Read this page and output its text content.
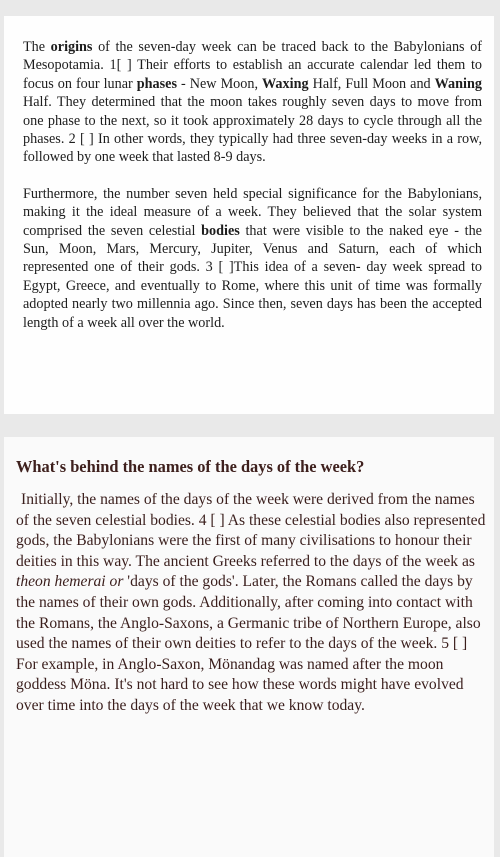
The origins of the seven-day week can be traced back to the Babylonians of Mesopotamia. 1[ ] Their efforts to establish an accurate calendar led them to focus on four lunar phases - New Moon, Waxing Half, Full Moon and Waning Half. They determined that the moon takes roughly seven days to move from one phase to the next, so it took approximately 28 days to cycle through all the phases. 2 [ ] In other words, they typically had three seven-day weeks in a row, followed by one week that lasted 8-9 days.

Furthermore, the number seven held special significance for the Babylonians, making it the ideal measure of a week. They believed that the solar system comprised the seven celestial bodies that were visible to the naked eye - the Sun, Moon, Mars, Mercury, Jupiter, Venus and Saturn, each of which represented one of their gods. 3 [ ]This idea of a seven- day week spread to Egypt, Greece, and eventually to Rome, where this unit of time was formally adopted nearly two millennia ago. Since then, seven days has been the accepted length of a week all over the world.

What's behind the names of the days of the week?

Initially, the names of the days of the week were derived from the names of the seven celestial bodies. 4 [ ] As these celestial bodies also represented gods, the Babylonians were the first of many civilisations to honour their deities in this way. The ancient Greeks referred to the days of the week as theon hemerai or 'days of the gods'. Later, the Romans called the days by the names of their own gods. Additionally, after coming into contact with the Romans, the Anglo-Saxons, a Germanic tribe of Northern Europe, also used the names of their own deities to refer to the days of the week. 5 [ ] For example, in Anglo-Saxon, Mönandag was named after the moon goddess Möna. It's not hard to see how these words might have evolved over time into the days of the week that we know today.
